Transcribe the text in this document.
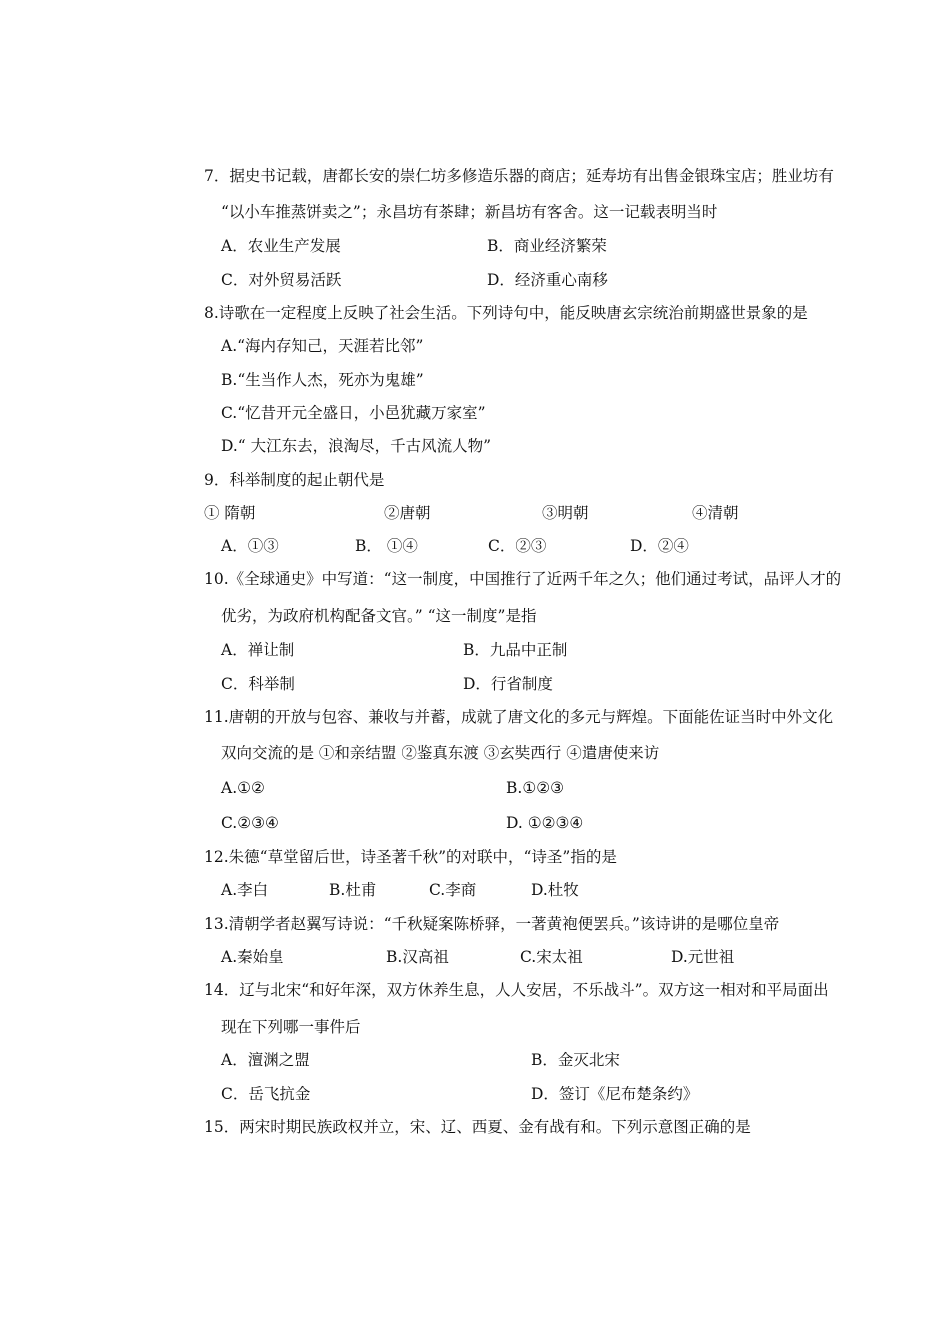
7．据史书记载，唐都长安的崇仁坊多修造乐器的商店；延寿坊有出售金银珠宝店；胜业坊有
“以小车推蒸饼卖之”；永昌坊有茶肆；新昌坊有客舍。这一记载表明当时
A．农业生产发展	B．商业经济繁荣
C．对外贸易活跃	D．经济重心南移
8.诗歌在一定程度上反映了社会生活。下列诗句中，能反映唐玄宗统治前期盛世景象的是
A.“海内存知己，天涯若比邻”
B.“生当作人杰，死亦为鬼雄”
C.“忆昔开元全盛日，小邑犹藏万家室”
D.“ 大江东去，浪淘尽，千古风流人物”
9．科举制度的起止朝代是
① 隋朝	②唐朝	③明朝	④清朝
A．①③	B． ①④	C．②③	D．②④
10.《全球通史》中写道：“这一制度，中国推行了近两千年之久；他们通过考试，品评人才的
优劣，为政府机构配备文官。” “这一制度”是指
A．禅让制	B．九品中正制
C．科举制	D．行省制度
11.唐朝的开放与包容、兼收与并蓄，成就了唐文化的多元与辉煌。下面能佐证当时中外文化
双向交流的是 ①和亲结盟 ②鉴真东渡 ③玄奘西行 ④遣唐使来访
A.①②	B.①②③
C.②③④	D. ①②③④
12.朱德“草堂留后世，诗圣著千秋”的对联中，“诗圣”指的是
A.李白	B.杜甫	C.李商	D.杜牧
13.清朝学者赵翼写诗说：“千秋疑案陈桥驿，一著黄袍便罢兵。”该诗讲的是哪位皇帝
A.秦始皇	B.汉高祖	C.宋太祖	D.元世祖
14．辽与北宋“和好年深，双方休养生息，人人安居，不乐战斗”。双方这一相对和平局面出
现在下列哪一事件后
A．澶渊之盟	B．金灭北宋
C．岳飞抗金	D．签订《尼布楚条约》
15．两宋时期民族政权并立，宋、辽、西夏、金有战有和。下列示意图正确的是
